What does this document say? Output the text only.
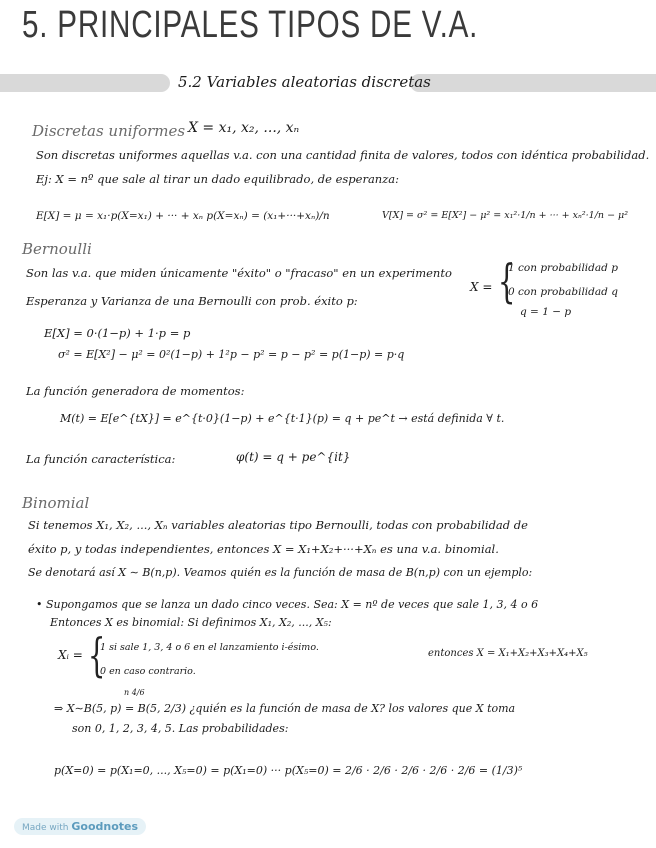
5. PRINCIPALES TIPOS DE V.A.
5.2 Variables aleatorias discretas
Discretas uniformes X = x₁, x₂, ..., xₙ
Son discretas uniformes aquellas v.a. con una cantidad finita de valores, todos con idéntica probabilidad.
Ej: X = nº que sale al tirar un dado equilibrado, de esperanza:
E[X] = μ = x₁·p(X=x₁) + ··· + xₙ p(X=xₙ) = (x₁+···+xₙ)/n	V[X] = σ² = E[X²] − μ² = x₁²·1/n + ··· + xₙ²·1/n − μ²
Bernoulli
Son las v.a. que miden únicamente "éxito" o "fracaso" en un experimento
Esperanza y Varianza de una Bernoulli con prob. éxito p:
X = {
1 con probabilidad p
0 con probabilidad q
q = 1 − p
E[X] = 0·(1−p) + 1·p = p
σ² = E[X²] − μ² = 0²(1−p) + 1²p − p² = p − p² = p(1−p) = p·q
La función generadora de momentos:
M(t) = E[e^{tX}] = e^{t·0}(1−p) + e^{t·1}(p) = q + pe^t → está definida ∀ t.
La función característica:	φ(t) = q + pe^{it}
Binomial
Si tenemos X₁, X₂, ..., Xₙ variables aleatorias tipo Bernoulli, todas con probabilidad de
éxito p, y todas independientes, entonces X = X₁+X₂+···+Xₙ es una v.a. binomial.
Se denotará así X ∼ B(n,p). Veamos quién es la función de masa de B(n,p) con un ejemplo:
• Supongamos que se lanza un dado cinco veces. Sea: X = nº de veces que sale 1, 3, 4 o 6
Entonces X es binomial: Si definimos X₁, X₂, ..., X₅:
Xᵢ = {
1 si sale 1, 3, 4 o 6 en el lanzamiento i-ésimo.
0 en caso contrario.
entonces X = X₁+X₂+X₃+X₄+X₅
n 4/6
⇒ X∼B(5, p) = B(5, 2/3) ¿quién es la función de masa de X? los valores que X toma
son 0, 1, 2, 3, 4, 5. Las probabilidades:
p(X=0) = p(X₁=0, ..., X₅=0) = p(X₁=0) ··· p(X₅=0) = 2/6 · 2/6 · 2/6 · 2/6 · 2/6 = (1/3)⁵
Made with Goodnotes
